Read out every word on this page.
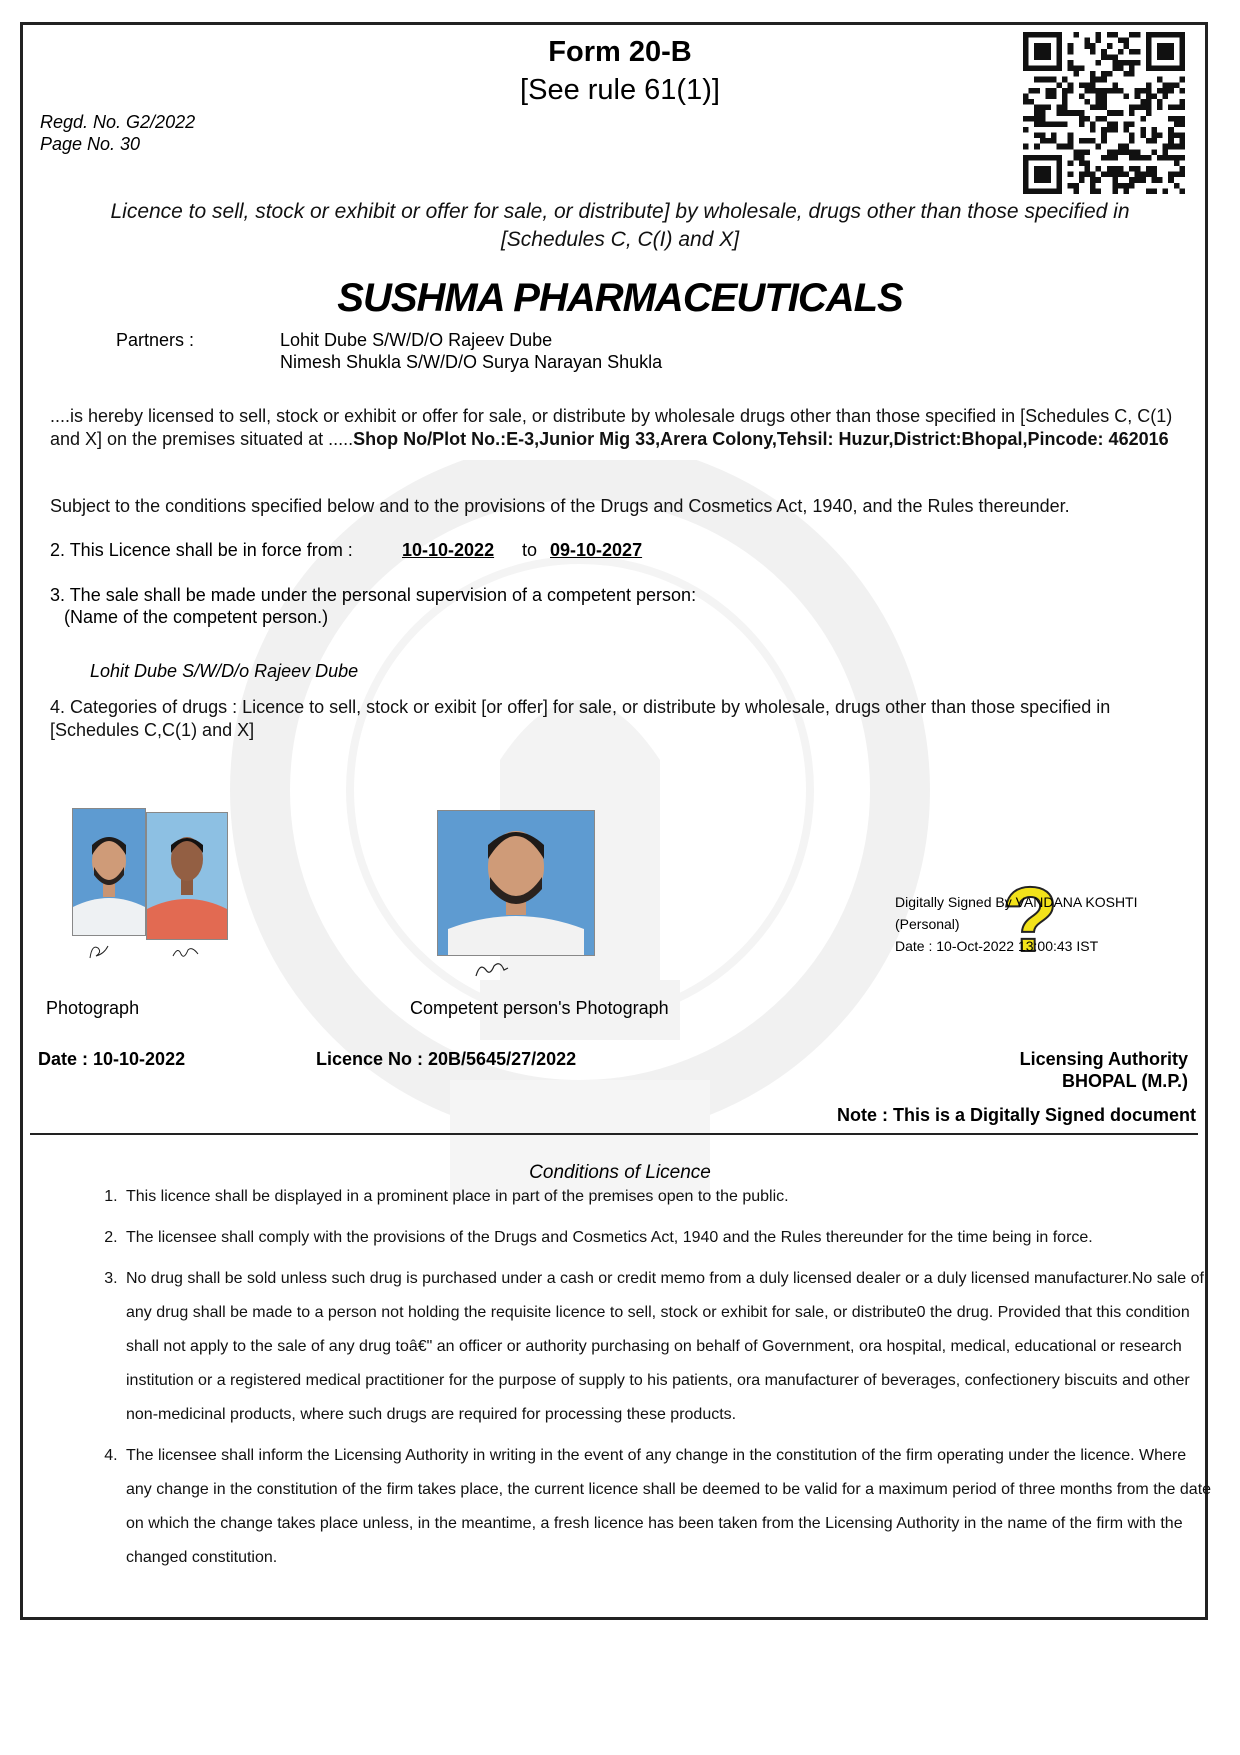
Form 20-B
[See rule 61(1)]
Regd. No. G2/2022
Page No. 30
Licence to sell, stock or exhibit or offer for sale, or distribute] by wholesale, drugs other than those specified in [Schedules C, C(I) and X]
SUSHMA PHARMACEUTICALS
Partners :	Lohit Dube S/W/D/O Rajeev Dube
Nimesh Shukla S/W/D/O Surya Narayan Shukla
....is hereby licensed to sell, stock or exhibit or offer for sale, or distribute by wholesale drugs other than those specified in [Schedules C, C(1) and X] on the premises situated at .....Shop No/Plot No.:E-3,Junior Mig 33,Arera Colony,Tehsil: Huzur,District:Bhopal,Pincode: 462016
Subject to the conditions specified below and to the provisions of the Drugs and Cosmetics Act, 1940, and the Rules thereunder.
2. This Licence shall be in force from :	10-10-2022 to 09-10-2027
3. The sale shall be made under the personal supervision of a competent person:
(Name of the competent person.)
Lohit Dube S/W/D/o Rajeev Dube
4. Categories of drugs : Licence to sell, stock or exibit [or offer] for sale, or distribute by wholesale, drugs other than those specified in [Schedules C,C(1) and X]
Photograph	Competent person's Photograph
?
Digitally Signed By VANDANA KOSHTI
(Personal)
Date : 10-Oct-2022 13:00:43 IST
Date : 10-10-2022	Licence No : 20B/5645/27/2022	Licensing Authority
BHOPAL (M.P.)
Note : This is a Digitally Signed document
Conditions of Licence
1. This licence shall be displayed in a prominent place in part of the premises open to the public.
2. The licensee shall comply with the provisions of the Drugs and Cosmetics Act, 1940 and the Rules thereunder for the time being in force.
3. No drug shall be sold unless such drug is purchased under a cash or credit memo from a duly licensed dealer or a duly licensed manufacturer.No sale of any drug shall be made to a person not holding the requisite licence to sell, stock or exhibit for sale, or distribute0 the drug. Provided that this condition shall not apply to the sale of any drug toâ€" an officer or authority purchasing on behalf of Government, ora hospital, medical, educational or research institution or a registered medical practitioner for the purpose of supply to his patients, ora manufacturer of beverages, confectionery biscuits and other non-medicinal products, where such drugs are required for processing these products.
4. The licensee shall inform the Licensing Authority in writing in the event of any change in the constitution of the firm operating under the licence. Where any change in the constitution of the firm takes place, the current licence shall be deemed to be valid for a maximum period of three months from the date on which the change takes place unless, in the meantime, a fresh licence has been taken from the Licensing Authority in the name of the firm with the changed constitution.
